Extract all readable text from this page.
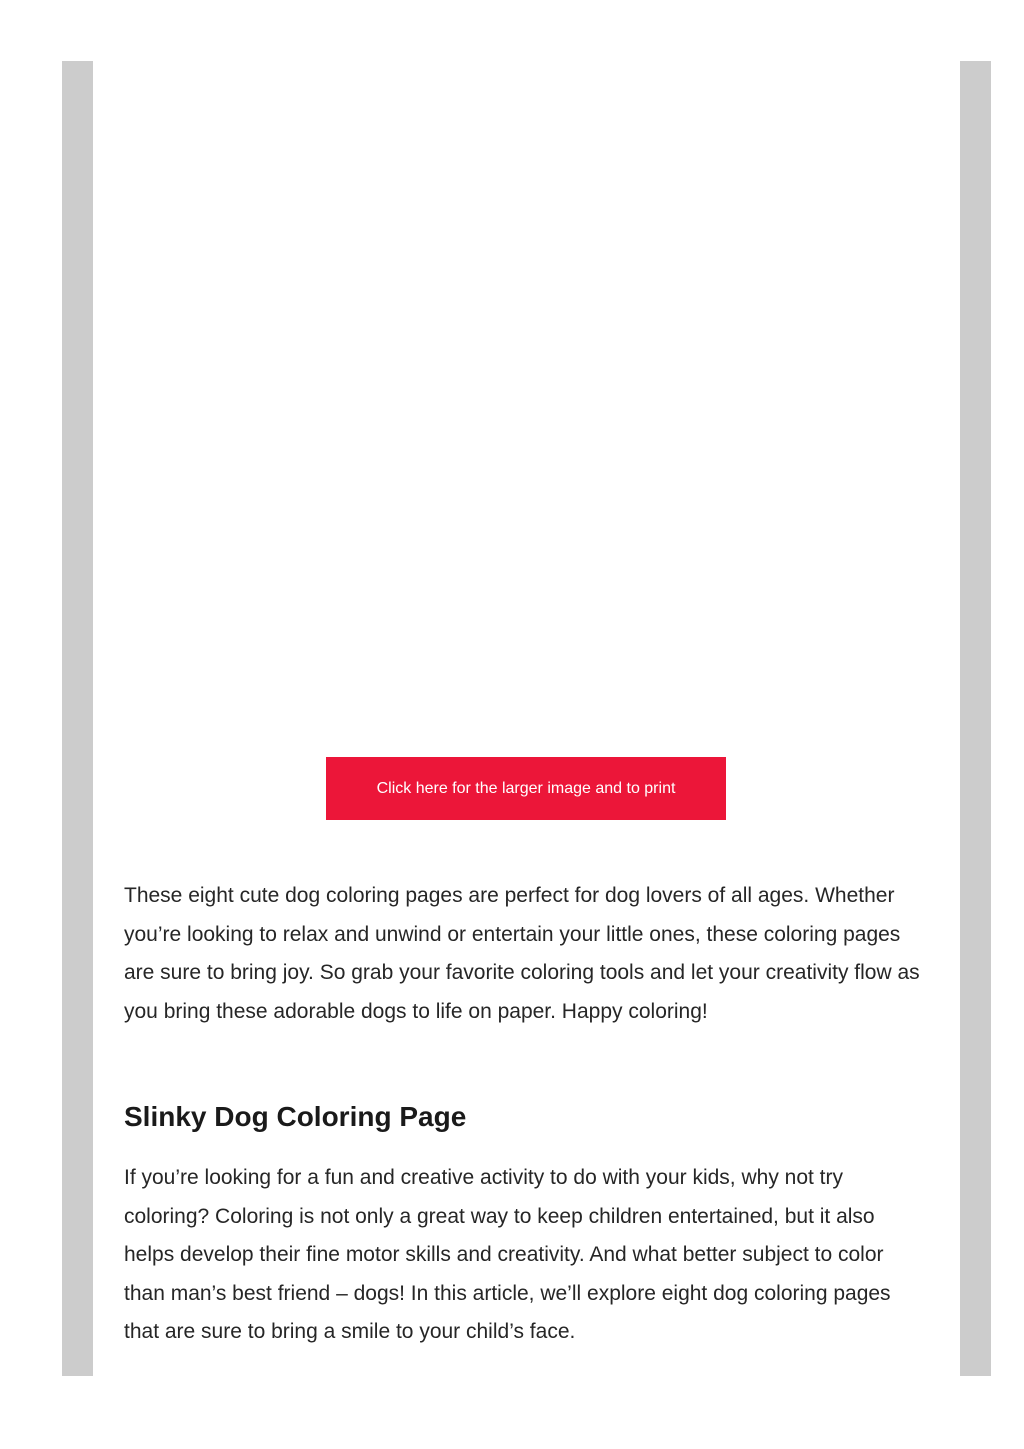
Click here for the larger image and to print

These eight cute dog coloring pages are perfect for dog lovers of all ages. Whether you’re looking to relax and unwind or entertain your little ones, these coloring pages are sure to bring joy. So grab your favorite coloring tools and let your creativity flow as you bring these adorable dogs to life on paper. Happy coloring!

Slinky Dog Coloring Page

If you’re looking for a fun and creative activity to do with your kids, why not try coloring? Coloring is not only a great way to keep children entertained, but it also helps develop their fine motor skills and creativity. And what better subject to color than man’s best friend – dogs! In this article, we’ll explore eight dog coloring pages that are sure to bring a smile to your child’s face.
